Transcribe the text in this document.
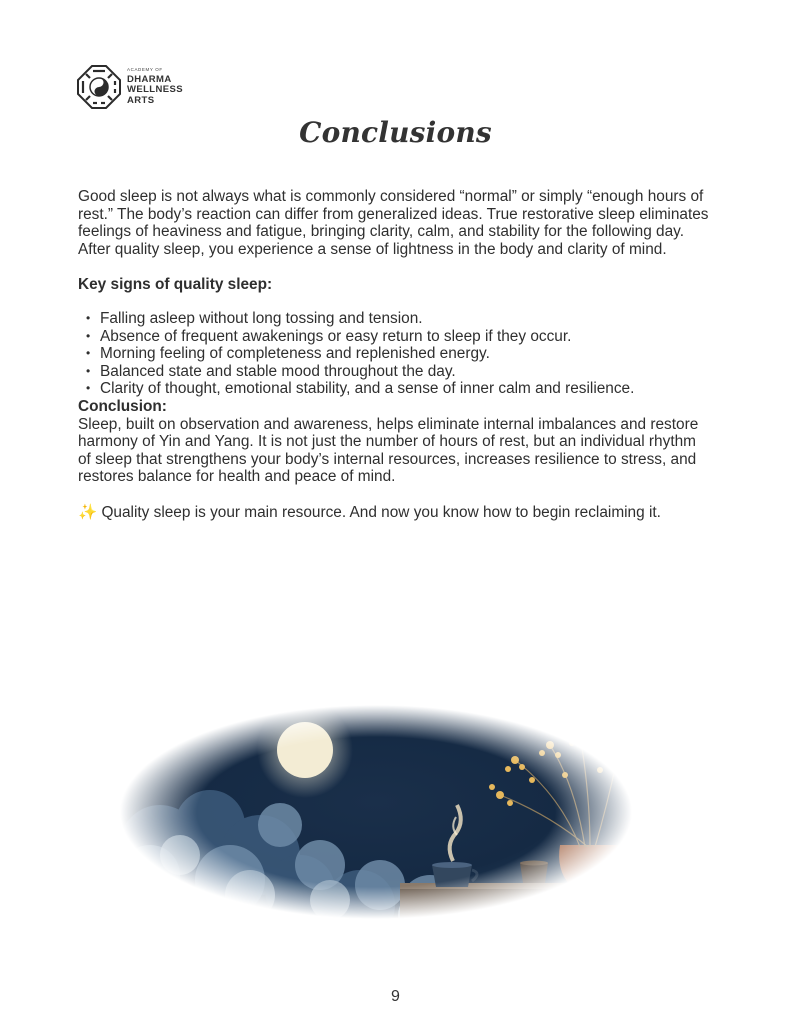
ACADEMY OF
DHARMA
WELLNESS
ARTS
Conclusions

Good sleep is not always what is commonly considered “normal” or simply “enough hours of rest.” The body’s reaction can differ from generalized ideas. True restorative sleep eliminates feelings of heaviness and fatigue, bringing clarity, calm, and stability for the following day. After quality sleep, you experience a sense of lightness in the body and clarity of mind.

Key signs of quality sleep:

• Falling asleep without long tossing and tension.
• Absence of frequent awakenings or easy return to sleep if they occur.
• Morning feeling of completeness and replenished energy.
• Balanced state and stable mood throughout the day.
• Clarity of thought, emotional stability, and a sense of inner calm and resilience.

Conclusion:

Sleep, built on observation and awareness, helps eliminate internal imbalances and restore harmony of Yin and Yang. It is not just the number of hours of rest, but an individual rhythm of sleep that strengthens your body’s internal resources, increases resilience to stress, and restores balance for health and peace of mind.

✨ Quality sleep is your main resource. And now you know how to begin reclaiming it.

9
